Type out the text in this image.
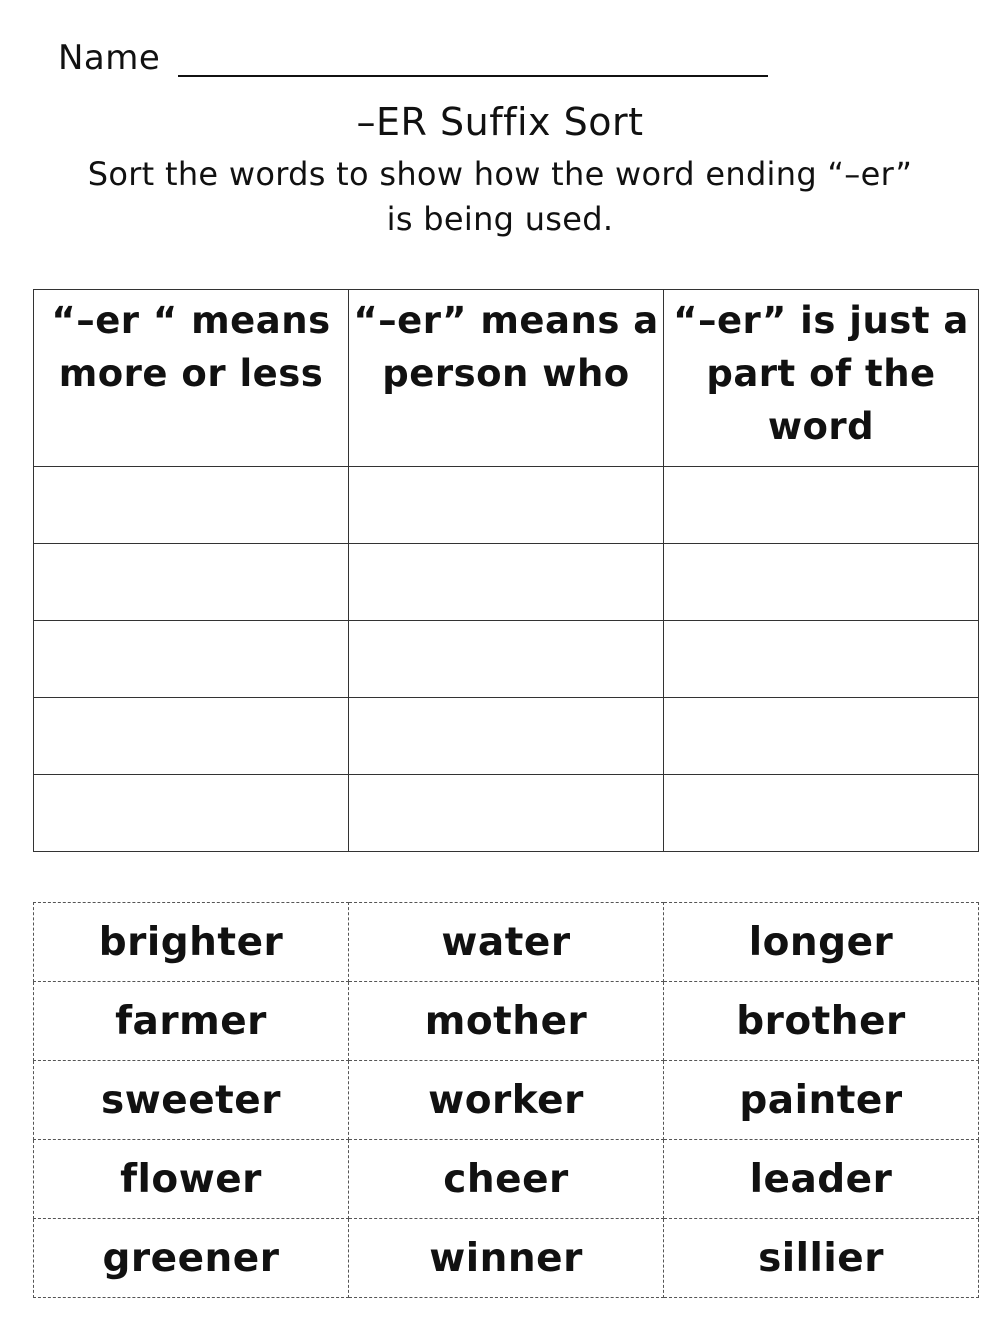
Name
–ER Suffix Sort
Sort the words to show how the word ending “–er” is being used.
“–er “ means more or less	“–er” means a person who	“–er” is just a part of the word

brighter	water	longer
farmer	mother	brother
sweeter	worker	painter
flower	cheer	leader
greener	winner	sillier
